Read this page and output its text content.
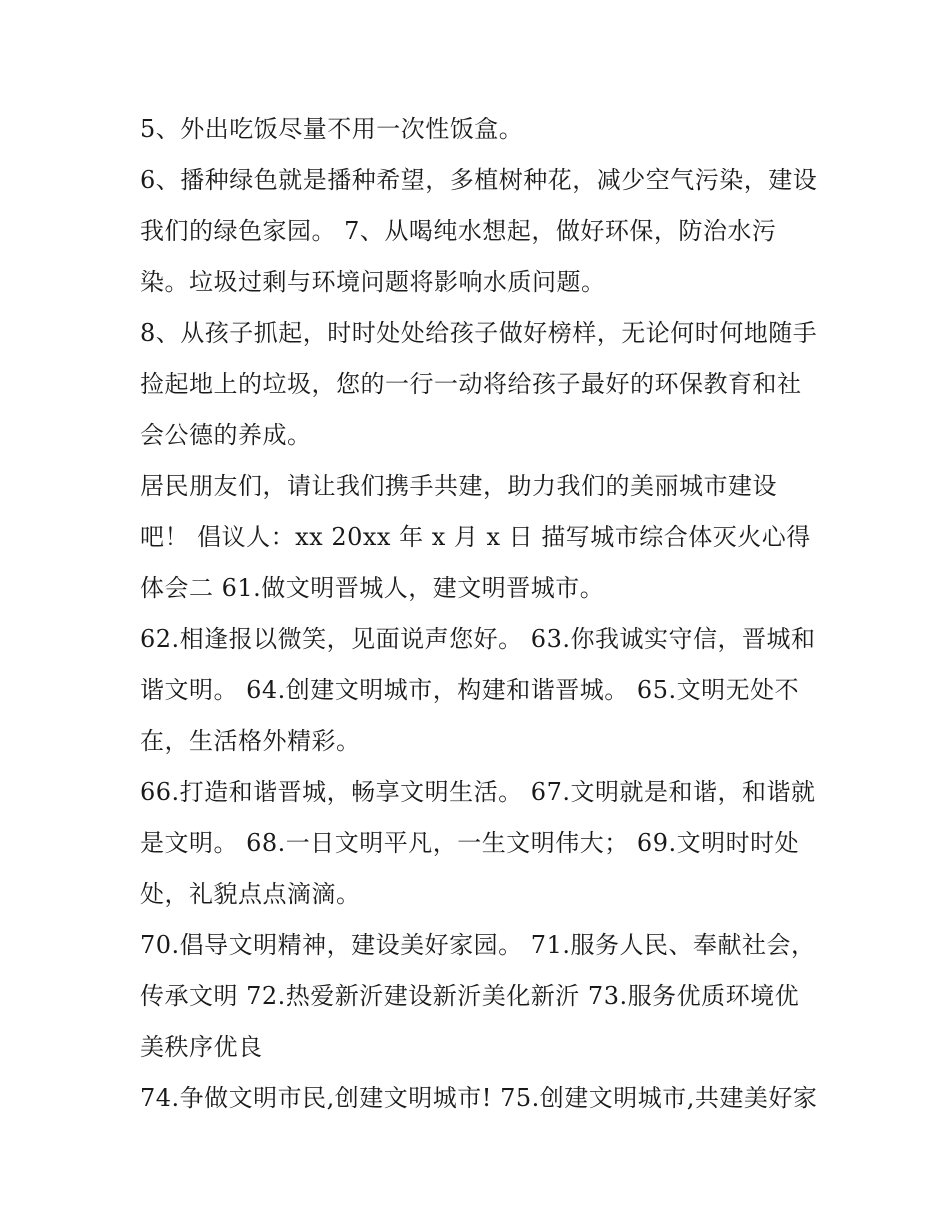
5、外出吃饭尽量不用一次性饭盒。

6、播种绿色就是播种希望，多植树种花，减少空气污染，建设我们的绿色家园。 7、从喝纯水想起，做好环保，防治水污染。垃圾过剩与环境问题将影响水质问题。

8、从孩子抓起，时时处处给孩子做好榜样，无论何时何地随手捡起地上的垃圾，您的一行一动将给孩子最好的环保教育和社会公德的养成。

居民朋友们，请让我们携手共建，助力我们的美丽城市建设吧！ 倡议人：xx 20xx 年 x 月 x 日 描写城市综合体灭火心得体会二 61.做文明晋城人，建文明晋城市。

62.相逢报以微笑，见面说声您好。 63.你我诚实守信，晋城和谐文明。 64.创建文明城市，构建和谐晋城。 65.文明无处不在，生活格外精彩。

66.打造和谐晋城，畅享文明生活。 67.文明就是和谐，和谐就是文明。 68.一日文明平凡，一生文明伟大； 69.文明时时处处，礼貌点点滴滴。

70.倡导文明精神，建设美好家园。 71.服务人民、奉献社会，传承文明 72.热爱新沂建设新沂美化新沂 73.服务优质环境优美秩序优良

74.争做文明市民,创建文明城市! 75.创建文明城市,共建美好家
